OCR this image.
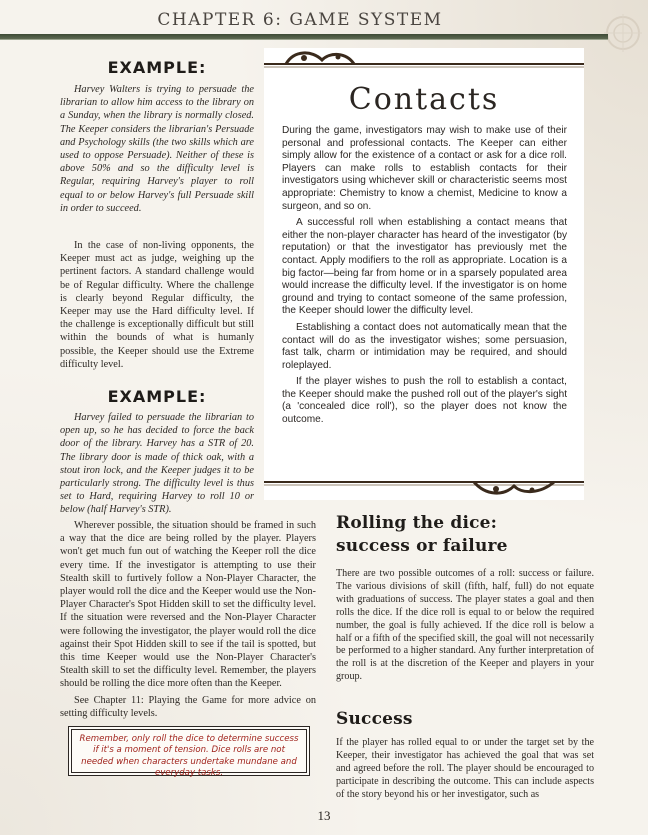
CHAPTER 6: GAME SYSTEM
EXAMPLE:

Harvey Walters is trying to persuade the librarian to allow him access to the library on a Sunday, when the library is normally closed. The Keeper considers the librarian's Persuade and Psychology skills (the two skills which are used to oppose Persuade). Neither of these is above 50% and so the difficulty level is Regular, requiring Harvey's player to roll equal to or below Harvey's full Persuade skill in order to succeed.

In the case of non-living opponents, the Keeper must act as judge, weighing up the pertinent factors. A standard challenge would be of Regular difficulty. Where the challenge is clearly beyond Regular difficulty, the Keeper may use the Hard difficulty level. If the challenge is exceptionally difficult but still within the bounds of what is humanly possible, the Keeper should use the Extreme difficulty level.

EXAMPLE:

Harvey failed to persuade the librarian to open up, so he has decided to force the back door of the library. Harvey has a STR of 20. The library door is made of thick oak, with a stout iron lock, and the Keeper judges it to be particularly strong. The difficulty level is thus set to Hard, requiring Harvey to roll 10 or below (half Harvey's STR).

Contacts

During the game, investigators may wish to make use of their personal and professional contacts. The Keeper can either simply allow for the existence of a contact or ask for a dice roll. Players can make rolls to establish contacts for their investigators using whichever skill or characteristic seems most appropriate: Chemistry to know a chemist, Medicine to know a surgeon, and so on.

A successful roll when establishing a contact means that either the non-player character has heard of the investigator (by reputation) or that the investigator has previously met the contact. Apply modifiers to the roll as appropriate. Location is a big factor—being far from home or in a sparsely populated area would increase the difficulty level. If the investigator is on home ground and trying to contact someone of the same profession, the Keeper should lower the difficulty level.

Establishing a contact does not automatically mean that the contact will do as the investigator wishes; some persuasion, fast talk, charm or intimidation may be required, and should roleplayed.

If the player wishes to push the roll to establish a contact, the Keeper should make the pushed roll out of the player's sight (a 'concealed dice roll'), so the player does not know the outcome.

Wherever possible, the situation should be framed in such a way that the dice are being rolled by the player. Players won't get much fun out of watching the Keeper roll the dice every time. If the investigator is attempting to use their Stealth skill to furtively follow a Non-Player Character, the player would roll the dice and the Keeper would use the Non-Player Character's Spot Hidden skill to set the difficulty level. If the situation were reversed and the Non-Player Character were following the investigator, the player would roll the dice against their Spot Hidden skill to see if the tail is spotted, but this time Keeper would use the Non-Player Character's Stealth skill to set the difficulty level. Remember, the players should be rolling the dice more often than the Keeper.

See Chapter 11: Playing the Game for more advice on setting difficulty levels.

Remember, only roll the dice to determine success if it's a moment of tension. Dice rolls are not needed when characters undertake mundane and everyday tasks.
Rolling the dice:
success or failure

There are two possible outcomes of a roll: success or failure. The various divisions of skill (fifth, half, full) do not equate with graduations of success. The player states a goal and then rolls the dice. If the dice roll is equal to or below the required number, the goal is fully achieved. If the dice roll is below a half or a fifth of the specified skill, the goal will not necessarily be performed to a higher standard. Any further interpretation of the roll is at the discretion of the Keeper and players in your group.

Success

If the player has rolled equal to or under the target set by the Keeper, their investigator has achieved the goal that was set and agreed before the roll. The player should be encouraged to participate in describing the outcome. This can include aspects of the story beyond his or her investigator, such as

13
